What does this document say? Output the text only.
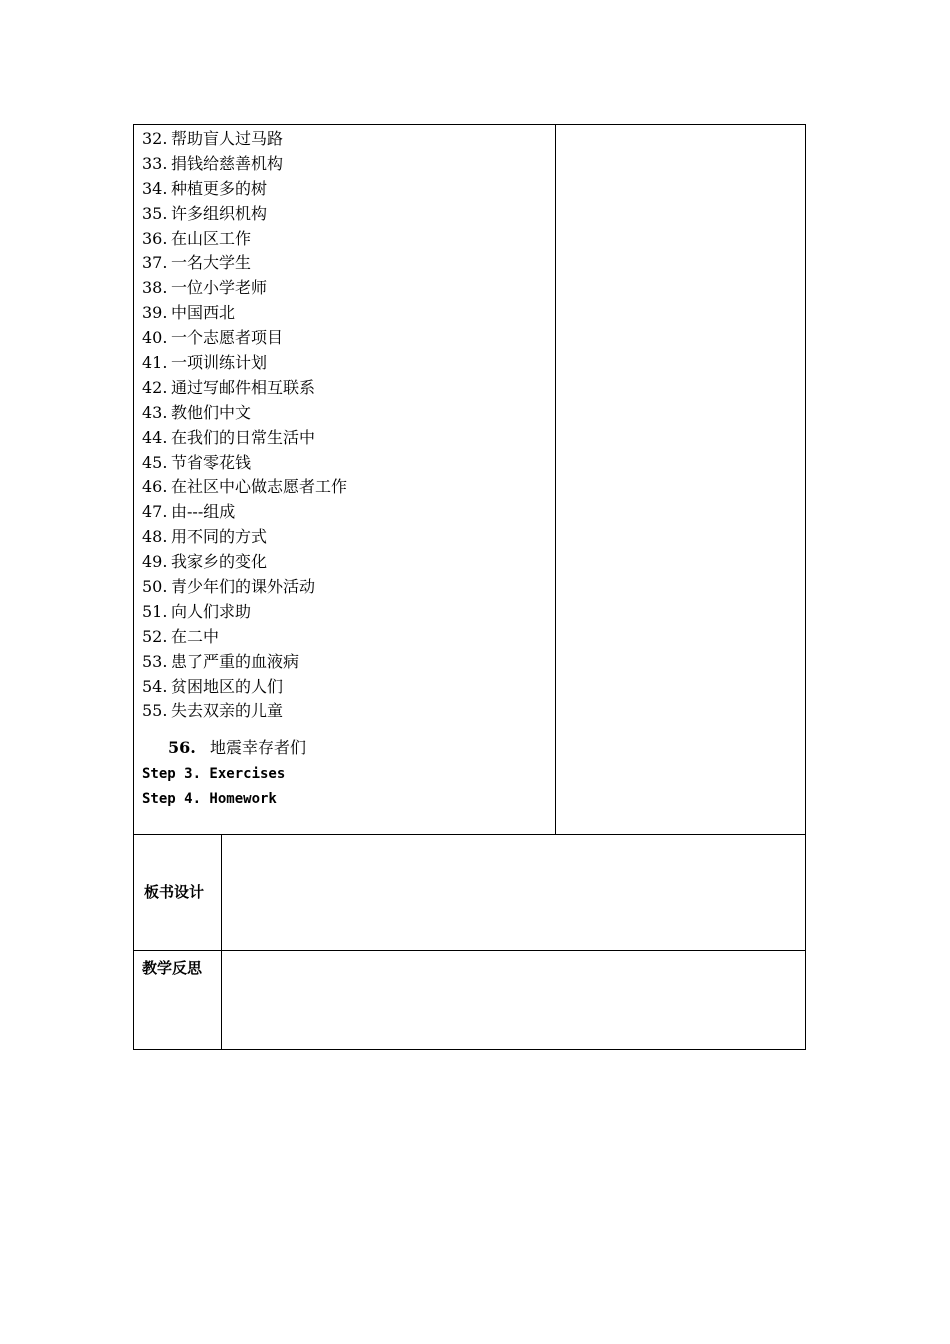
32. 帮助盲人过马路
33. 捐钱给慈善机构
34. 种植更多的树
35. 许多组织机构
36. 在山区工作
37. 一名大学生
38. 一位小学老师
39. 中国西北
40. 一个志愿者项目
41. 一项训练计划
42. 通过写邮件相互联系
43. 教他们中文
44. 在我们的日常生活中
45. 节省零花钱
46. 在社区中心做志愿者工作
47. 由---组成
48. 用不同的方式
49. 我家乡的变化
50. 青少年们的课外活动
51. 向人们求助
52. 在二中
53. 患了严重的血液病
54. 贫困地区的人们
55. 失去双亲的儿童
56. 地震幸存者们
Step 3. Exercises
Step 4. Homework
板书设计
教学反思
